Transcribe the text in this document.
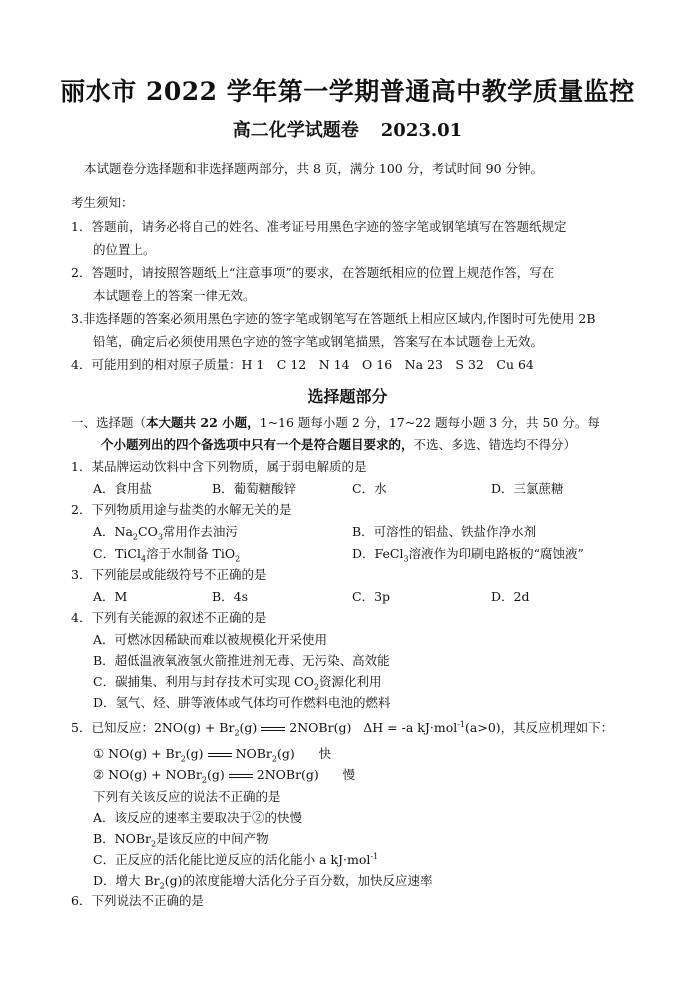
丽水市 2022 学年第一学期普通高中教学质量监控
高二化学试题卷 2023.01
本试题卷分选择题和非选择题两部分，共 8 页，满分 100 分，考试时间 90 分钟。
考生须知：
1．答题前，请务必将自己的姓名、准考证号用黑色字迹的签字笔或钢笔填写在答题纸规定
的位置上。
2．答题时，请按照答题纸上“注意事项”的要求，在答题纸相应的位置上规范作答，写在
本试题卷上的答案一律无效。
3.非选择题的答案必须用黑色字迹的签字笔或钢笔写在答题纸上相应区域内,作图时可先使用 2B
铅笔，确定后必须使用黑色字迹的签字笔或钢笔描黑，答案写在本试题卷上无效。
4．可能用到的相对原子质量：H 1　C 12　N 14　O 16　Na 23　S 32　Cu 64
选择题部分
一、选择题（本大题共 22 小题，1~16 题每小题 2 分，17~22 题每小题 3 分，共 50 分。每
个小题列出的四个备选项中只有一个是符合题目要求的，不选、多选、错选均不得分）
1．某品牌运动饮料中含下列物质，属于弱电解质的是
A．食用盐	B．葡萄糖酸锌	C．水	D．三氯蔗糖
2．下列物质用途与盐类的水解无关的是
A．$Na_2CO_3$常用作去油污	B．可溶性的铝盐、铁盐作净水剂
C．TiCl$_4$溶于水制备 TiO$_2$	D．FeCl$_3$溶液作为印刷电路板的“腐蚀液”
3．下列能层或能级符号不正确的是
A．M	B．4s	C．3p	D．2d
4．下列有关能源的叙述不正确的是
A．可燃冰因稀缺而难以被规模化开采使用
B．超低温液氧液氢火箭推进剂无毒、无污染、高效能
C．碳捕集、利用与封存技术可实现 $CO_2$资源化利用
D．氢气、烃、肼等液体或气体均可作燃料电池的燃料
5．已知反应：$2NO(g) + Br_2(g)$	2NOBr(g) ΔH = -a kJ·mol$^{-1}$(a>0)，其反应机理如下：
① $NO(g) + Br_2(g)$	NOBr$_2$(g) 快
② NO(g) + NOBr$_2$(g)	2NOBr(g) 慢
下列有关该反应的说法不正确的是
A．该反应的速率主要取决于②的快慢
B．NOBr$_2$是该反应的中间产物
C．正反应的活化能比逆反应的活化能小 a kJ·mol$^{-1}$
D．增大 $Br_2(g)$的浓度能增大活化分子百分数，加快反应速率
6．下列说法不正确的是
